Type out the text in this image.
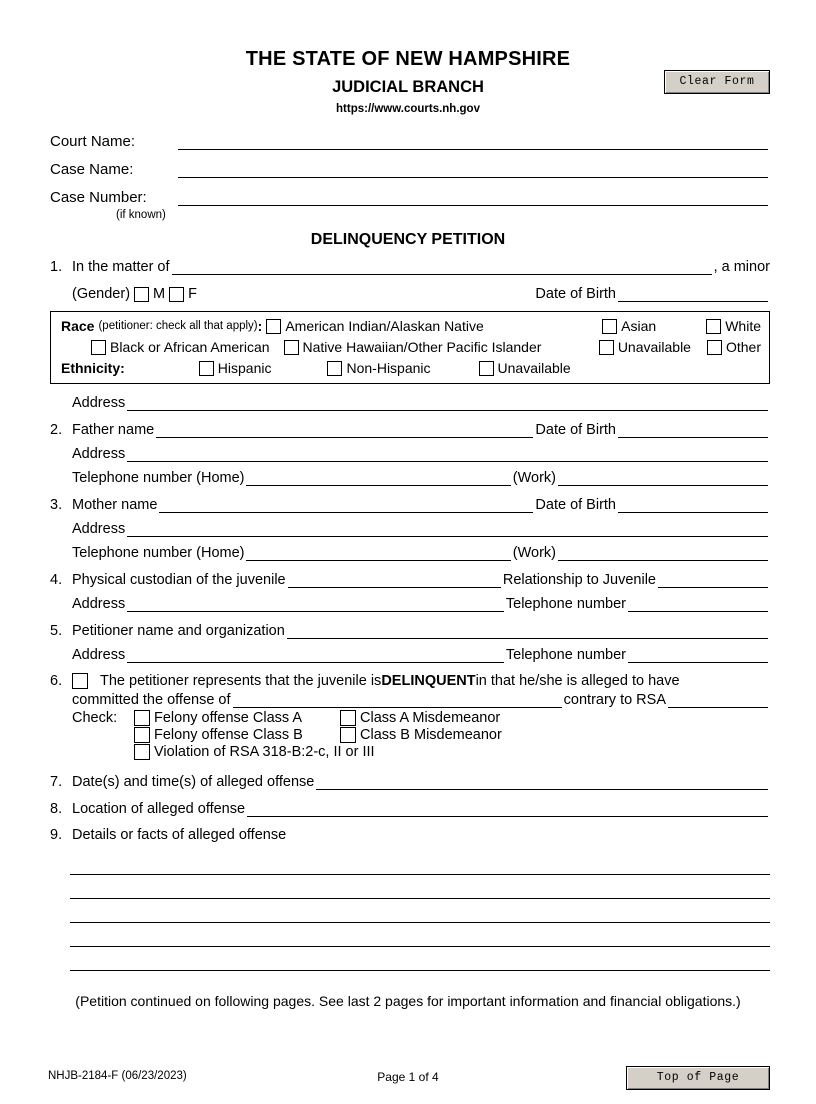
Clear Form
THE STATE OF NEW HAMPSHIRE
JUDICIAL BRANCH
https://www.courts.nh.gov
Court Name:
Case Name:
Case Number:
(if known)
DELINQUENCY PETITION
1. In the matter of	, a minor
(Gender) M F	Date of Birth
Race (petitioner: check all that apply) : American Indian/Alaskan Native	Asian	White
Black or African American Native Hawaiian/Other Pacific Islander	Unavailable	Other
Ethnicity:	Hispanic	Non-Hispanic	Unavailable
Address
2. Father name	Date of Birth
Address
Telephone number (Home)	(Work)
3. Mother name	Date of Birth
Address
Telephone number (Home)	(Work)
4. Physical custodian of the juvenile	Relationship to Juvenile
Address	Telephone number
5. Petitioner name and organization
Address	Telephone number
6.	The petitioner represents that the juvenile is DELINQUENT in that he/she is alleged to have
committed the offense of	contrary to RSA
Check:	Felony offense Class A	Class A Misdemeanor
Felony offense Class B	Class B Misdemeanor
Violation of RSA 318-B:2-c, II or III
7. Date(s) and time(s) of alleged offense
8. Location of alleged offense
9. Details or facts of alleged offense
(Petition continued on following pages. See last 2 pages for important information and financial obligations.)
NHJB-2184-F (06/23/2023)	Page 1 of 4	Top of Page
